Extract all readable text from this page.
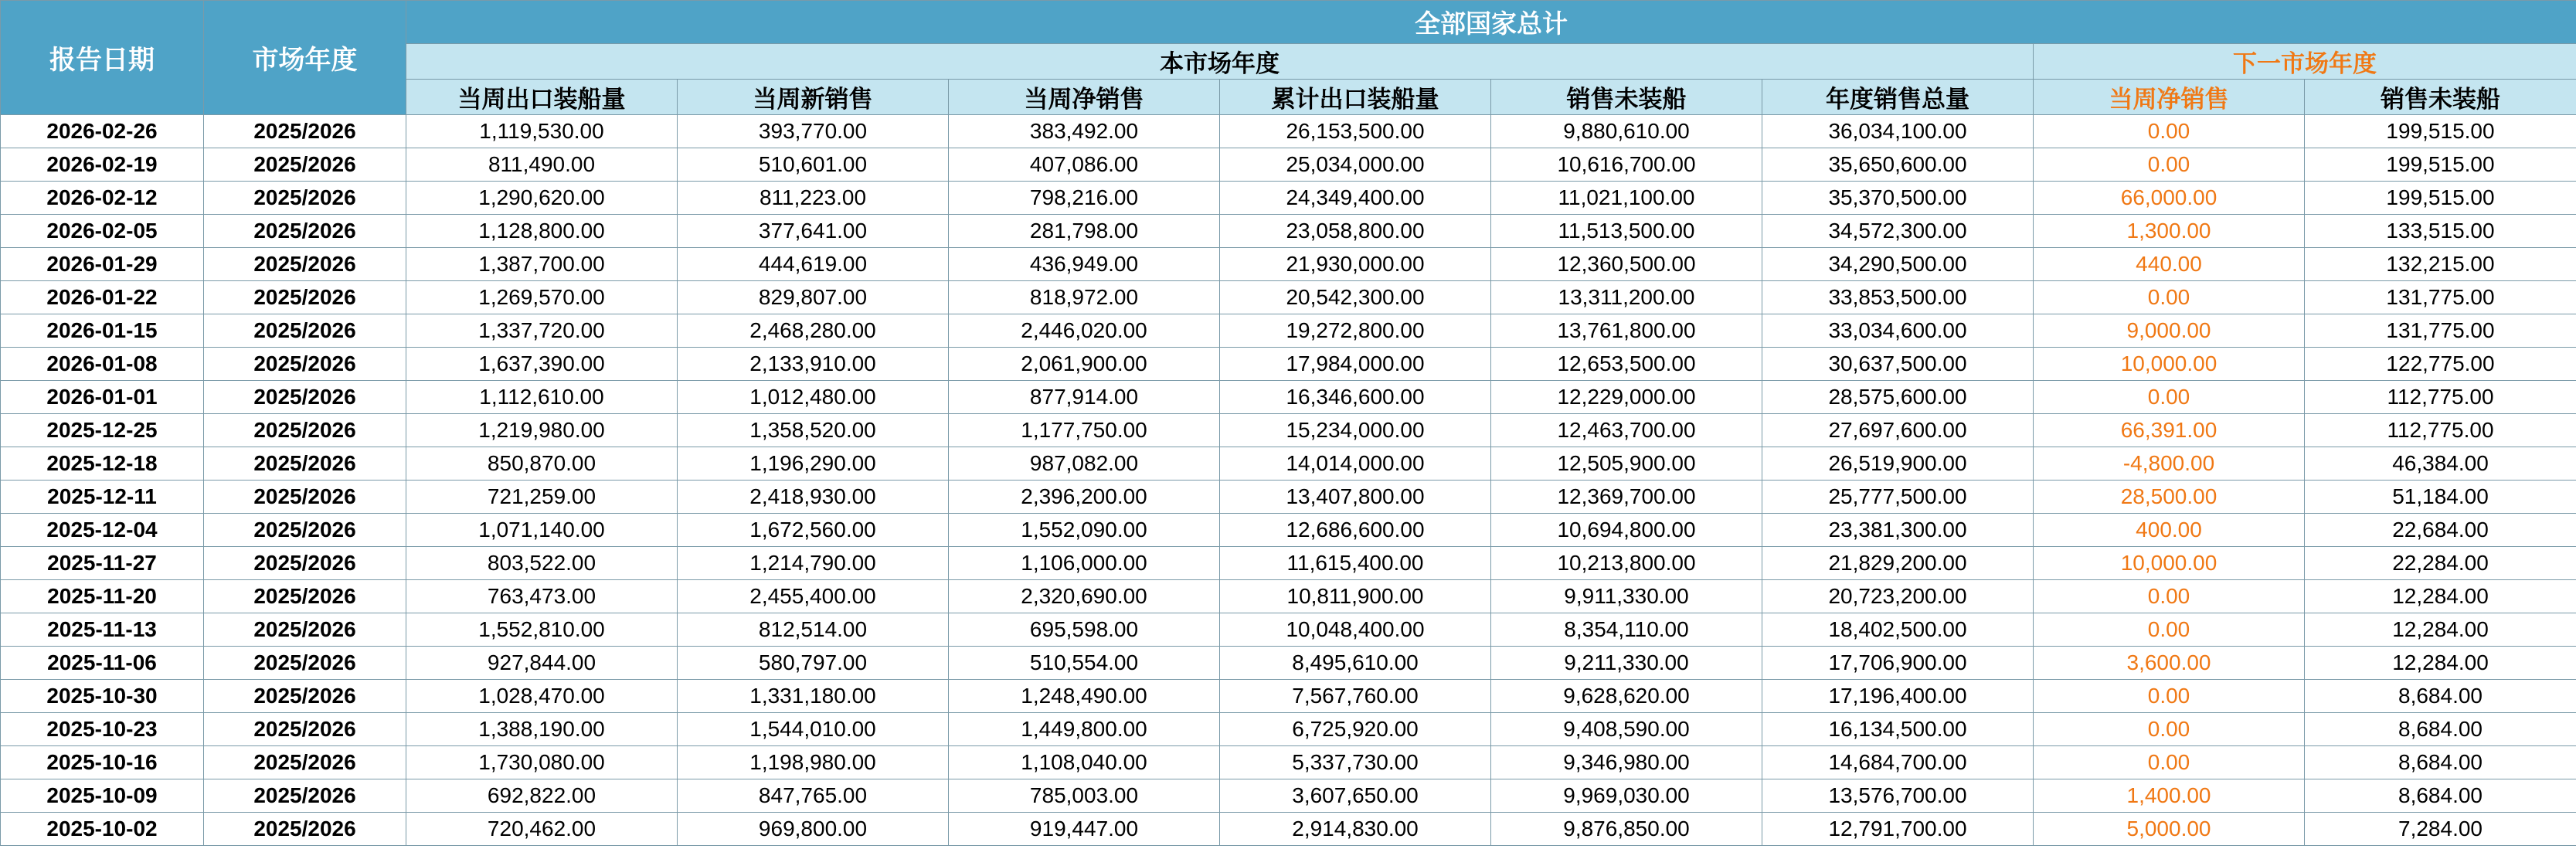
报告日期	市场年度	全部国家总计							
		本市场年度						下一市场年度	
		当周出口装船量	当周新销售	当周净销售	累计出口装船量	销售未装船	年度销售总量	当周净销售	销售未装船
2026-02-26	2025/2026	1,119,530.00	393,770.00	383,492.00	26,153,500.00	9,880,610.00	36,034,100.00	0.00	199,515.00
2026-02-19	2025/2026	811,490.00	510,601.00	407,086.00	25,034,000.00	10,616,700.00	35,650,600.00	0.00	199,515.00
2026-02-12	2025/2026	1,290,620.00	811,223.00	798,216.00	24,349,400.00	11,021,100.00	35,370,500.00	66,000.00	199,515.00
2026-02-05	2025/2026	1,128,800.00	377,641.00	281,798.00	23,058,800.00	11,513,500.00	34,572,300.00	1,300.00	133,515.00
2026-01-29	2025/2026	1,387,700.00	444,619.00	436,949.00	21,930,000.00	12,360,500.00	34,290,500.00	440.00	132,215.00
2026-01-22	2025/2026	1,269,570.00	829,807.00	818,972.00	20,542,300.00	13,311,200.00	33,853,500.00	0.00	131,775.00
2026-01-15	2025/2026	1,337,720.00	2,468,280.00	2,446,020.00	19,272,800.00	13,761,800.00	33,034,600.00	9,000.00	131,775.00
2026-01-08	2025/2026	1,637,390.00	2,133,910.00	2,061,900.00	17,984,000.00	12,653,500.00	30,637,500.00	10,000.00	122,775.00
2026-01-01	2025/2026	1,112,610.00	1,012,480.00	877,914.00	16,346,600.00	12,229,000.00	28,575,600.00	0.00	112,775.00
2025-12-25	2025/2026	1,219,980.00	1,358,520.00	1,177,750.00	15,234,000.00	12,463,700.00	27,697,600.00	66,391.00	112,775.00
2025-12-18	2025/2026	850,870.00	1,196,290.00	987,082.00	14,014,000.00	12,505,900.00	26,519,900.00	-4,800.00	46,384.00
2025-12-11	2025/2026	721,259.00	2,418,930.00	2,396,200.00	13,407,800.00	12,369,700.00	25,777,500.00	28,500.00	51,184.00
2025-12-04	2025/2026	1,071,140.00	1,672,560.00	1,552,090.00	12,686,600.00	10,694,800.00	23,381,300.00	400.00	22,684.00
2025-11-27	2025/2026	803,522.00	1,214,790.00	1,106,000.00	11,615,400.00	10,213,800.00	21,829,200.00	10,000.00	22,284.00
2025-11-20	2025/2026	763,473.00	2,455,400.00	2,320,690.00	10,811,900.00	9,911,330.00	20,723,200.00	0.00	12,284.00
2025-11-13	2025/2026	1,552,810.00	812,514.00	695,598.00	10,048,400.00	8,354,110.00	18,402,500.00	0.00	12,284.00
2025-11-06	2025/2026	927,844.00	580,797.00	510,554.00	8,495,610.00	9,211,330.00	17,706,900.00	3,600.00	12,284.00
2025-10-30	2025/2026	1,028,470.00	1,331,180.00	1,248,490.00	7,567,760.00	9,628,620.00	17,196,400.00	0.00	8,684.00
2025-10-23	2025/2026	1,388,190.00	1,544,010.00	1,449,800.00	6,725,920.00	9,408,590.00	16,134,500.00	0.00	8,684.00
2025-10-16	2025/2026	1,730,080.00	1,198,980.00	1,108,040.00	5,337,730.00	9,346,980.00	14,684,700.00	0.00	8,684.00
2025-10-09	2025/2026	692,822.00	847,765.00	785,003.00	3,607,650.00	9,969,030.00	13,576,700.00	1,400.00	8,684.00
2025-10-02	2025/2026	720,462.00	969,800.00	919,447.00	2,914,830.00	9,876,850.00	12,791,700.00	5,000.00	7,284.00
